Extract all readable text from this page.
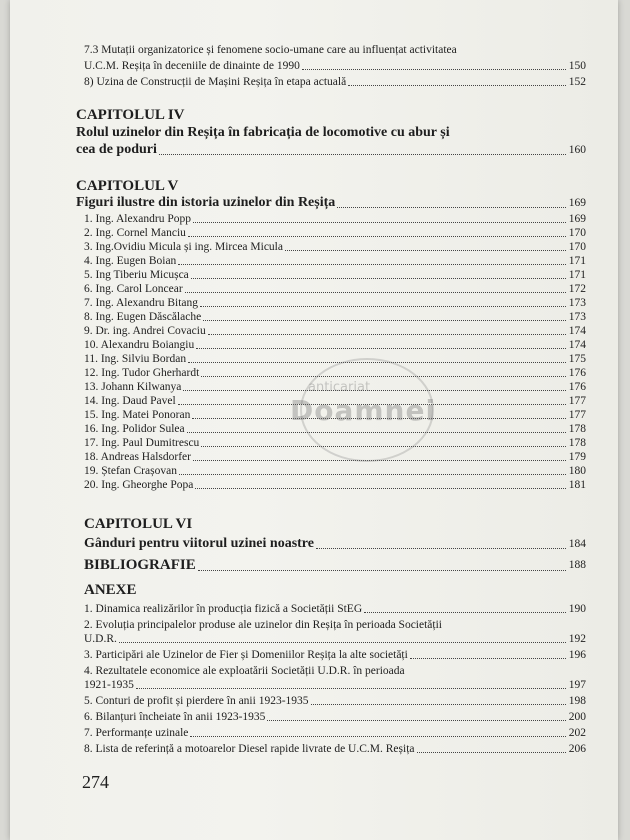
7.3 Mutații organizatorice și fenomene socio-umane care au influențat activitatea
U.C.M. Reșița în deceniile de dinainte de 1990	150
8) Uzina de Construcții de Mașini Reșița în etapa actuală	152
CAPITOLUL IV
Rolul uzinelor din Reșița în fabricația de locomotive cu abur și
cea de poduri	160
CAPITOLUL V
Figuri ilustre din istoria uzinelor din Reșița	169
1. Ing. Alexandru Popp	169
2. Ing. Cornel Manciu	170
3. Ing.Ovidiu Micula și ing. Mircea Micula	170
4. Ing. Eugen Boian	171
5. Ing Tiberiu Micușca	171
6. Ing. Carol Loncear	172
7. Ing. Alexandru Bitang	173
8. Ing. Eugen Dăscălache	173
9. Dr. ing. Andrei Covaciu	174
10. Alexandru Boiangiu	174
11. Ing. Silviu Bordan	175
12. Ing. Tudor Gherhardt	176
13. Johann Kilwanya	176
14. Ing. Daud Pavel	177
15. Ing. Matei Ponoran	177
16. Ing. Polidor Sulea	178
17. Ing. Paul Dumitrescu	178
18. Andreas Halsdorfer	179
19. Ștefan Crașovan	180
20. Ing. Gheorghe Popa	181
CAPITOLUL VI
Gânduri pentru viitorul uzinei noastre	184
BIBLIOGRAFIE	188
ANEXE
1. Dinamica realizărilor în producția fizică a Societății StEG	190
2. Evoluția principalelor produse ale uzinelor din Reșița în perioada Societății
U.D.R.	192
3. Participări ale Uzinelor de Fier și Domeniilor Reșița la alte societăți	196
4. Rezultatele economice ale exploatării Societății U.D.R. în perioada
1921-1935	197
5. Conturi de profit și pierdere în anii 1923-1935	198
6. Bilanțuri încheiate în anii 1923-1935	200
7. Performanțe uzinale	202
8. Lista de referință a motoarelor Diesel rapide livrate de U.C.M. Reșița	206
274
anticariat
Doamnei
